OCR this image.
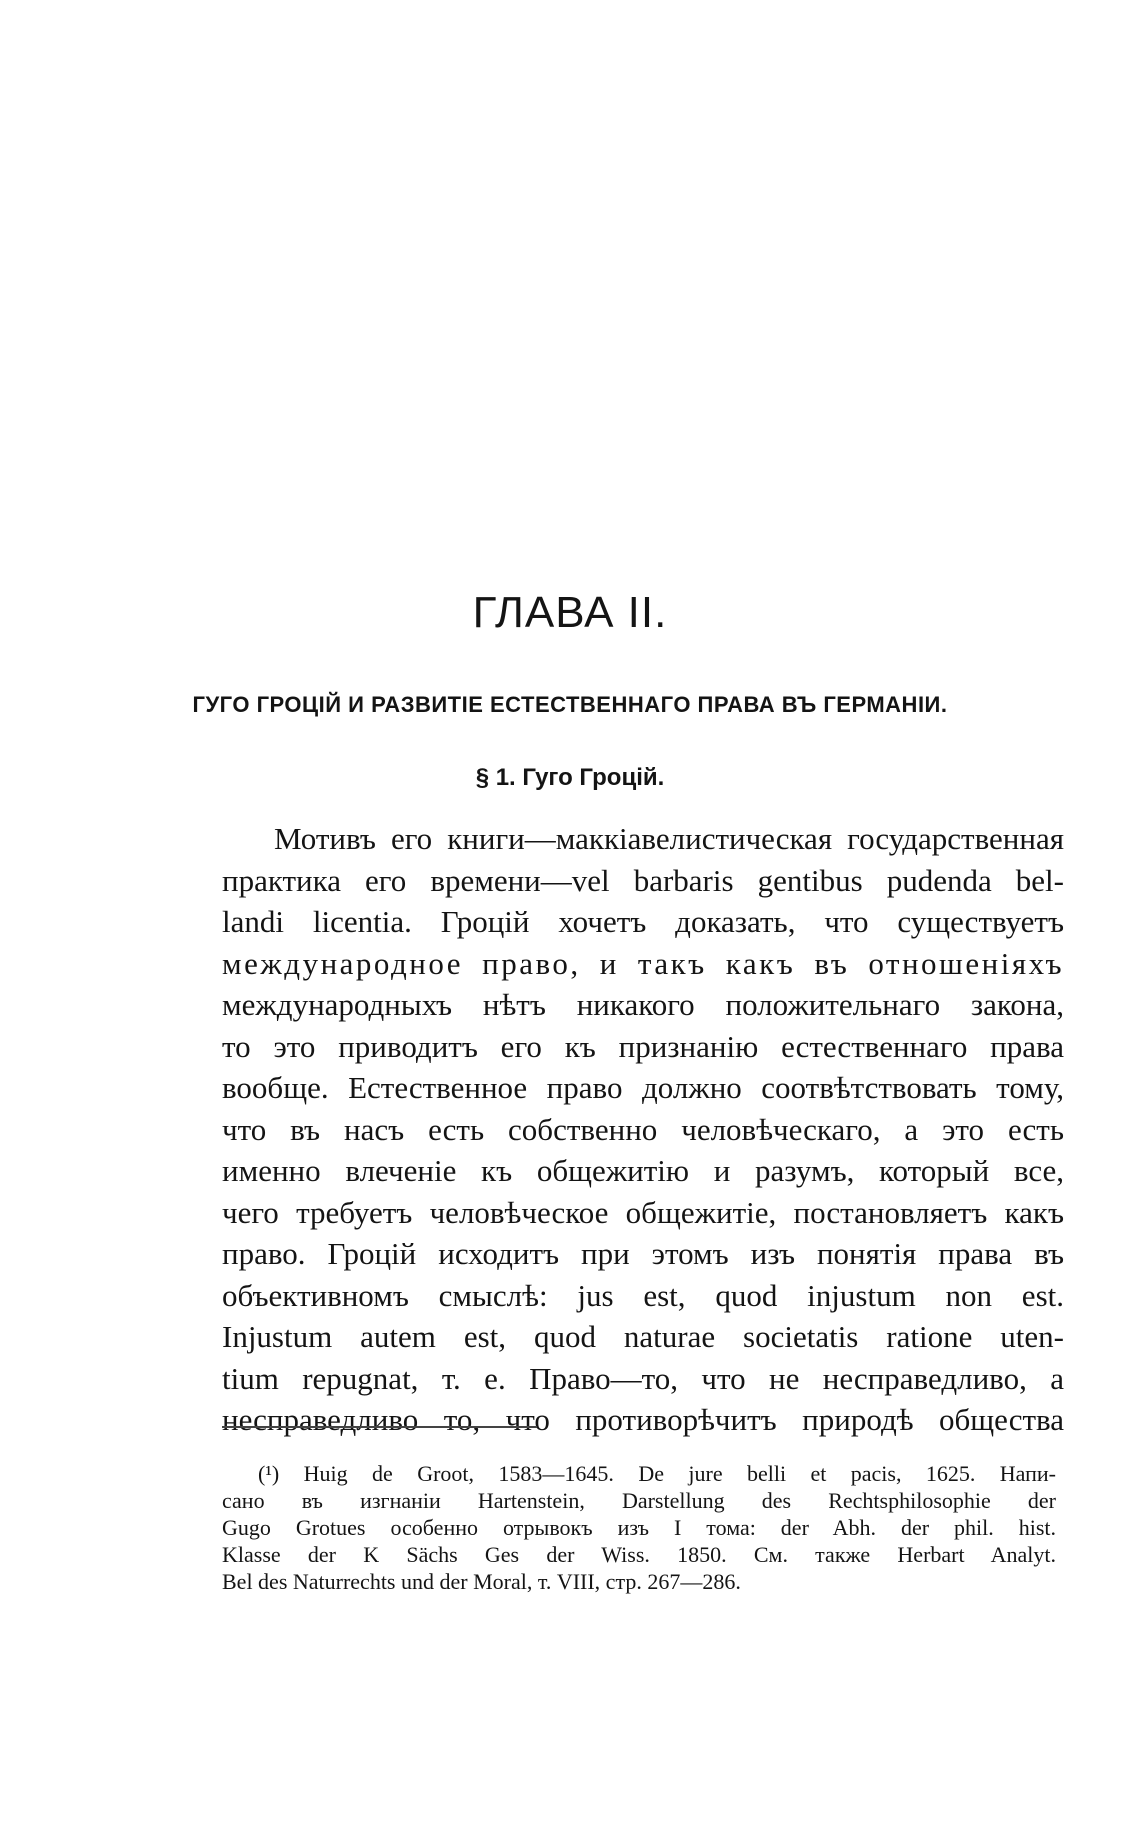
ГЛАВА II.
ГУГО ГРОЦІЙ И РАЗВИТІЕ ЕСТЕСТВЕННАГО ПРАВА ВЪ ГЕРМАНІИ.
§ 1. Гуго Гроцій.
Мотивъ его книги—маккіавелистическая государственная
практика его времени—vel barbaris gentibus pudenda bel-
landi licentia. Гроцій хочетъ доказать, что существуетъ
международное право, и такъ какъ въ отношеніяхъ
международныхъ нѣтъ никакого положительнаго закона,
то это приводитъ его къ признанію естественнаго права
вообще. Естественное право должно соотвѣтствовать тому,
что въ насъ есть собственно человѣческаго, а это есть
именно влеченіе къ общежитію и разумъ, который все,
чего требуетъ человѣческое общежитіе, постановляетъ какъ
право. Гроцій исходитъ при этомъ изъ понятія права въ
объективномъ смыслѣ: jus est, quod injustum non est.
Injustum autem est, quod naturae societatis ratione uten-
tium repugnat, т. е. Право—то, что не несправедливо, а
несправедливо то, что противорѣчитъ природѣ общества
(¹) Huig de Groot, 1583—1645. De jure belli et pacis, 1625. Напи-
сано въ изгнаніи Hartenstein, Darstellung des Rechtsphilosophie der
Gugo Grotues особенно отрывокъ изъ I тома: der Abh. der phil. hist.
Klasse der K Sächs Ges der Wiss. 1850. См. также Herbart Analyt.
Bel des Naturrechts und der Moral, т. VIII, стр. 267—286.
